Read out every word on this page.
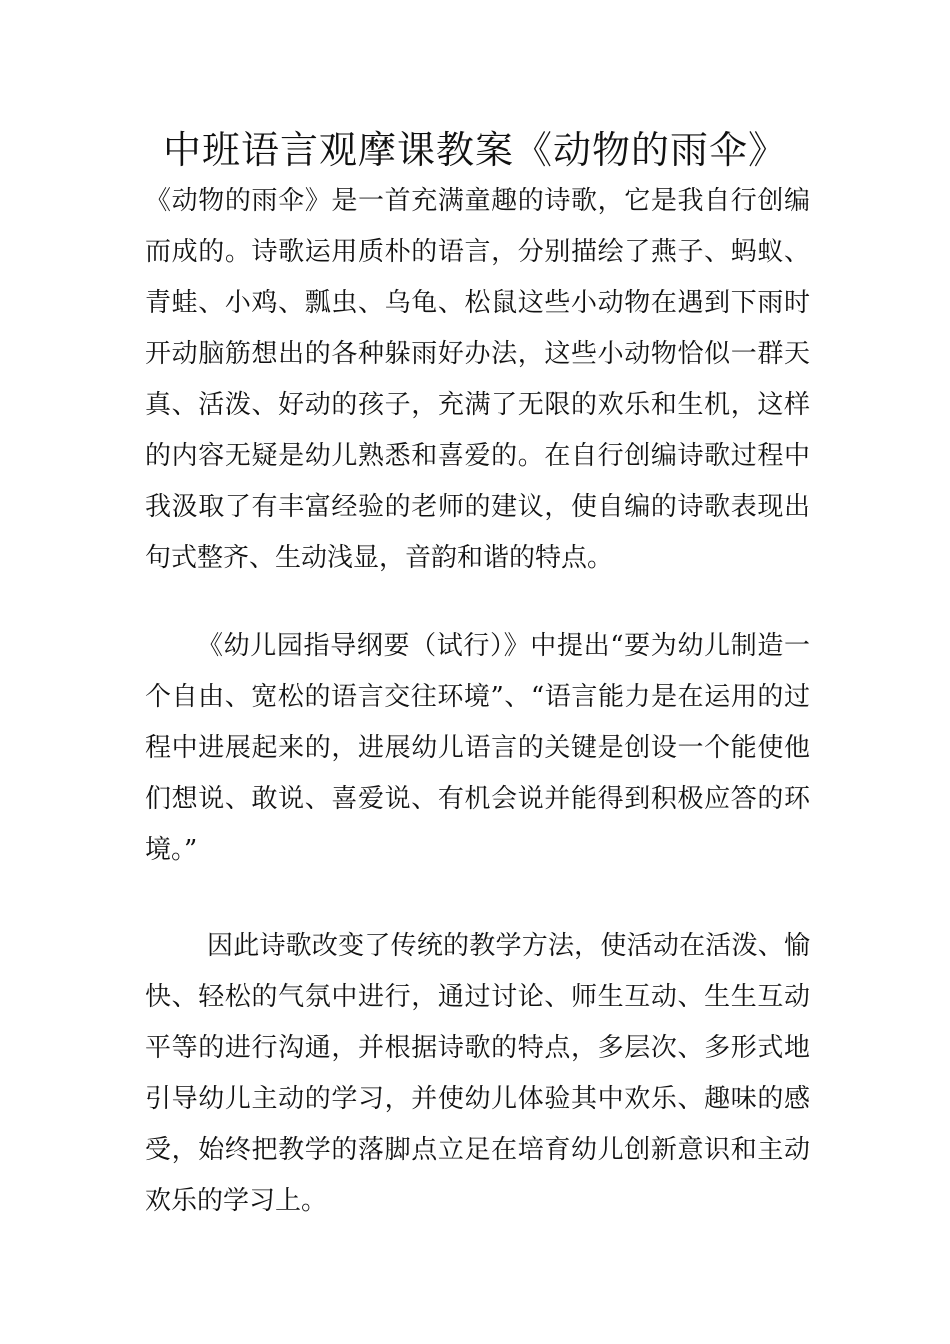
中班语言观摩课教案《动物的雨伞》

《动物的雨伞》是一首充满童趣的诗歌，它是我自行创编而成的。诗歌运用质朴的语言，分别描绘了燕子、蚂蚁、青蛙、小鸡、瓢虫、乌龟、松鼠这些小动物在遇到下雨时开动脑筋想出的各种躲雨好办法，这些小动物恰似一群天真、活泼、好动的孩子，充满了无限的欢乐和生机，这样的内容无疑是幼儿熟悉和喜爱的。在自行创编诗歌过程中我汲取了有丰富经验的老师的建议，使自编的诗歌表现出句式整齐、生动浅显，音韵和谐的特点。

《幼儿园指导纲要（试行）》中提出“要为幼儿制造一个自由、宽松的语言交往环境”、“语言能力是在运用的过程中进展起来的，进展幼儿语言的关键是创设一个能使他们想说、敢说、喜爱说、有机会说并能得到积极应答的环境。”

因此诗歌改变了传统的教学方法，使活动在活泼、愉快、轻松的气氛中进行，通过讨论、师生互动、生生互动平等的进行沟通，并根据诗歌的特点，多层次、多形式地引导幼儿主动的学习，并使幼儿体验其中欢乐、趣味的感受，始终把教学的落脚点立足在培育幼儿创新意识和主动欢乐的学习上。
